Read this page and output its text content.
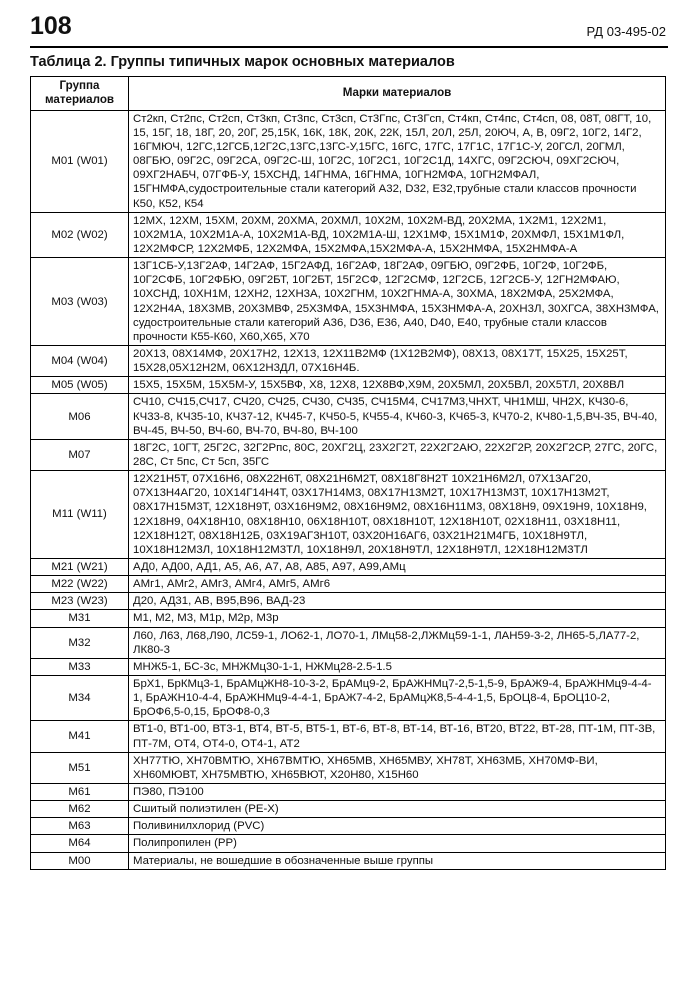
108	РД 03-495-02
Таблица 2. Группы типичных марок основных материалов
Группа материалов	Марки материалов
М01 (W01)	Ст2кп, Ст2пс, Ст2сп, Ст3кп, Ст3пс, Ст3сп, Ст3Гпс, Ст3Гсп, Ст4кп, Ст4пс, Ст4сп, 08, 08Т, 08ГТ, 10, 15, 15Г, 18, 18Г, 20, 20Г, 25,15К, 16К, 18К, 20К, 22К, 15Л, 20Л, 25Л, 20ЮЧ, А, В, 09Г2, 10Г2, 14Г2, 16ГМЮЧ, 12ГС,12ГСБ,12Г2С,13ГС,13ГС-У,15ГС, 16ГС, 17ГС, 17Г1С, 17Г1С-У, 20ГСЛ, 20ГМЛ, 08ГБЮ, 09Г2С, 09Г2СА, 09Г2С-Ш, 10Г2С, 10Г2С1, 10Г2С1Д, 14ХГС, 09Г2СЮЧ, 09ХГ2СЮЧ, 09ХГ2НАБЧ, 07ГФБ-У, 15ХСНД, 14ГНМА, 16ГНМА, 10ГН2МФА, 10ГН2МФАЛ, 15ГНМФА,судостроительные стали категорий А32, D32, E32,трубные стали классов прочности К50, К52, К54
М02 (W02)	12МХ, 12ХМ, 15ХМ, 20ХМ, 20ХМА, 20ХМЛ, 10Х2М, 10Х2М-ВД, 20Х2МА, 1Х2М1, 12Х2М1, 10Х2М1А, 10Х2М1А-А, 10Х2М1А-ВД, 10Х2М1А-Ш, 12Х1МФ, 15Х1М1Ф, 20ХМФЛ, 15Х1М1ФЛ, 12Х2МФСР, 12Х2МФБ, 12Х2МФА, 15Х2МФА,15Х2МФА-А, 15Х2НМФА, 15Х2НМФА-А
М03 (W03)	13Г1СБ-У,13Г2АФ, 14Г2АФ, 15Г2АФД, 16Г2АФ, 18Г2АФ, 09ГБЮ, 09Г2ФБ, 10Г2Ф, 10Г2ФБ, 10Г2СФБ, 10Г2ФБЮ, 09Г2БТ, 10Г2БТ, 15Г2СФ, 12Г2СМФ, 12Г2СБ, 12Г2СБ-У, 12ГН2МФАЮ, 10ХСНД, 10ХН1М, 12ХН2, 12ХН3А, 10Х2ГНМ, 10Х2ГНМА-А, 30ХМА, 18Х2МФА, 25Х2МФА, 12Х2Н4А, 18Х3МВ, 20Х3МВФ, 25Х3МФА, 15Х3НМФА, 15Х3НМФА-А, 20ХН3Л, 30ХГСА, 38ХН3МФА, судостроительные стали категорий А36, D36, E36, А40, D40, E40, трубные стали классов прочности К55-К60, Х60,Х65, Х70
М04 (W04)	20Х13, 08Х14МФ, 20Х17Н2, 12Х13, 12Х11В2МФ (1Х12В2МФ), 08Х13, 08Х17Т, 15Х25, 15Х25Т, 15Х28,05Х12Н2М, 06Х12Н3ДЛ, 07Х16Н4Б.
М05 (W05)	15Х5, 15Х5М, 15Х5М-У, 15Х5ВФ, Х8, 12Х8, 12Х8ВФ,Х9М, 20Х5МЛ, 20Х5ВЛ, 20Х5ТЛ, 20Х8ВЛ
М06	СЧ10, СЧ15,СЧ17, СЧ20, СЧ25, СЧ30, СЧ35, СЧ15М4, СЧ17М3,ЧНХТ, ЧН1МШ, ЧН2Х, КЧ30-6, КЧ33-8, КЧ35-10, КЧ37-12, КЧ45-7, КЧ50-5, КЧ55-4, КЧ60-3, КЧ65-3, КЧ70-2, КЧ80-1,5,ВЧ-35, ВЧ-40, ВЧ-45, ВЧ-50, ВЧ-60, ВЧ-70, ВЧ-80, ВЧ-100
М07	18Г2С, 10ГТ, 25Г2С, 32Г2Рпс, 80С, 20ХГ2Ц, 23Х2Г2Т, 22Х2Г2АЮ, 22Х2Г2Р, 20Х2Г2СР, 27ГС, 20ГС, 28С, Ст 5пс, Ст 5сп, 35ГС
М11 (W11)	12Х21Н5Т, 07Х16Н6, 08Х22Н6Т, 08Х21Н6М2Т, 08Х18Г8Н2Т 10Х21Н6М2Л, 07Х13АГ20, 07Х13Н4АГ20, 10Х14Г14Н4Т, 03Х17Н14М3, 08Х17Н13М2Т, 10Х17Н13М3Т, 10Х17Н13М2Т, 08Х17Н15М3Т, 12Х18Н9Т, 03Х16Н9М2, 08Х16Н9М2, 08Х16Н11М3, 08Х18Н9, 09Х19Н9, 10Х18Н9, 12Х18Н9, 04Х18Н10, 08Х18Н10, 06Х18Н10Т, 08Х18Н10Т, 12Х18Н10Т, 02Х18Н11, 03Х18Н11, 12Х18Н12Т, 08Х18Н12Б, 03Х19АГ3Н10Т, 03Х20Н16АГ6, 03Х21Н21М4ГБ, 10Х18Н9ТЛ, 10Х18Н12М3Л, 10Х18Н12М3ТЛ, 10Х18Н9Л, 20Х18Н9ТЛ, 12Х18Н9ТЛ, 12Х18Н12М3ТЛ
М21 (W21)	АД0, АД00, АД1, А5, А6, А7, А8, А85, А97, А99,АМц
М22 (W22)	АМг1, АМг2, АМг3, АМг4, АМг5, АМг6
М23 (W23)	Д20, АД31, АВ, В95,В96, ВАД-23
М31	М1, М2, М3, М1р, М2р, М3р
М32	Л60, Л63, Л68,Л90, ЛС59-1, ЛО62-1, ЛО70-1, ЛМц58-2,ЛЖМц59-1-1, ЛАН59-3-2, ЛН65-5,ЛА77-2, ЛК80-3
М33	МНЖ5-1, БС-3с, МНЖМц30-1-1, НЖМц28-2.5-1.5
М34	БрХ1, БрКМц3-1, БрАМцЖН8-10-3-2, БрАМц9-2, БрАЖНМц7-2,5-1,5-9, БрАЖ9-4, БрАЖНМц9-4-4-1, БрАЖН10-4-4, БрАЖНМц9-4-4-1, БрАЖ7-4-2, БрАМцЖ8,5-4-4-1,5, БрОЦ8-4, БрОЦ10-2, БрОФ6,5-0,15, БрОФ8-0,3
М41	ВТ1-0, ВТ1-00, ВТ3-1, ВТ4, ВТ-5, ВТ5-1, ВТ-6, ВТ-8, ВТ-14, ВТ-16, ВТ20, ВТ22, ВТ-28, ПТ-1М, ПТ-3В, ПТ-7М, ОТ4, ОТ4-0, ОТ4-1, АТ2
М51	ХН77ТЮ, ХН70ВМТЮ, ХН67ВМТЮ, ХН65МВ, ХН65МВУ, ХН78Т, ХН63МБ, ХН70МФ-ВИ, ХН60МЮВТ, ХН75МВТЮ, ХН65ВЮТ, Х20Н80, Х15Н60
М61	ПЭ80, ПЭ100
М62	Сшитый полиэтилен (PE-X)
М63	Поливинилхлорид (PVC)
М64	Полипропилен (РР)
М00	Материалы, не вошедшие в обозначенные выше группы
